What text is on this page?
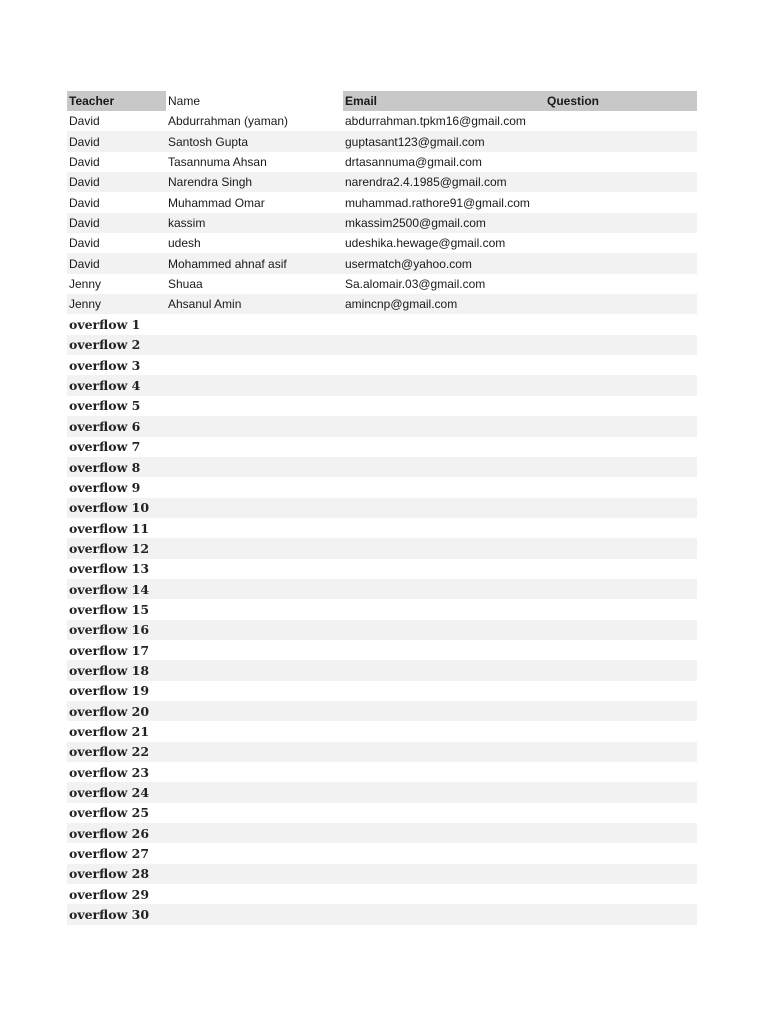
Teacher	Name	Email	Question
David	Abdurrahman (yaman)	abdurrahman.tpkm16@gmail.com
David	Santosh Gupta	guptasant123@gmail.com
David	Tasannuma Ahsan	drtasannuma@gmail.com
David	Narendra Singh	narendra2.4.1985@gmail.com
David	Muhammad Omar	muhammad.rathore91@gmail.com
David	kassim	mkassim2500@gmail.com
David	udesh	udeshika.hewage@gmail.com
David	Mohammed ahnaf asif	usermatch@yahoo.com
Jenny	Shuaa	Sa.alomair.03@gmail.com
Jenny	Ahsanul Amin	amincnp@gmail.com
overflow 1
overflow 2
overflow 3
overflow 4
overflow 5
overflow 6
overflow 7
overflow 8
overflow 9
overflow 10
overflow 11
overflow 12
overflow 13
overflow 14
overflow 15
overflow 16
overflow 17
overflow 18
overflow 19
overflow 20
overflow 21
overflow 22
overflow 23
overflow 24
overflow 25
overflow 26
overflow 27
overflow 28
overflow 29
overflow 30
